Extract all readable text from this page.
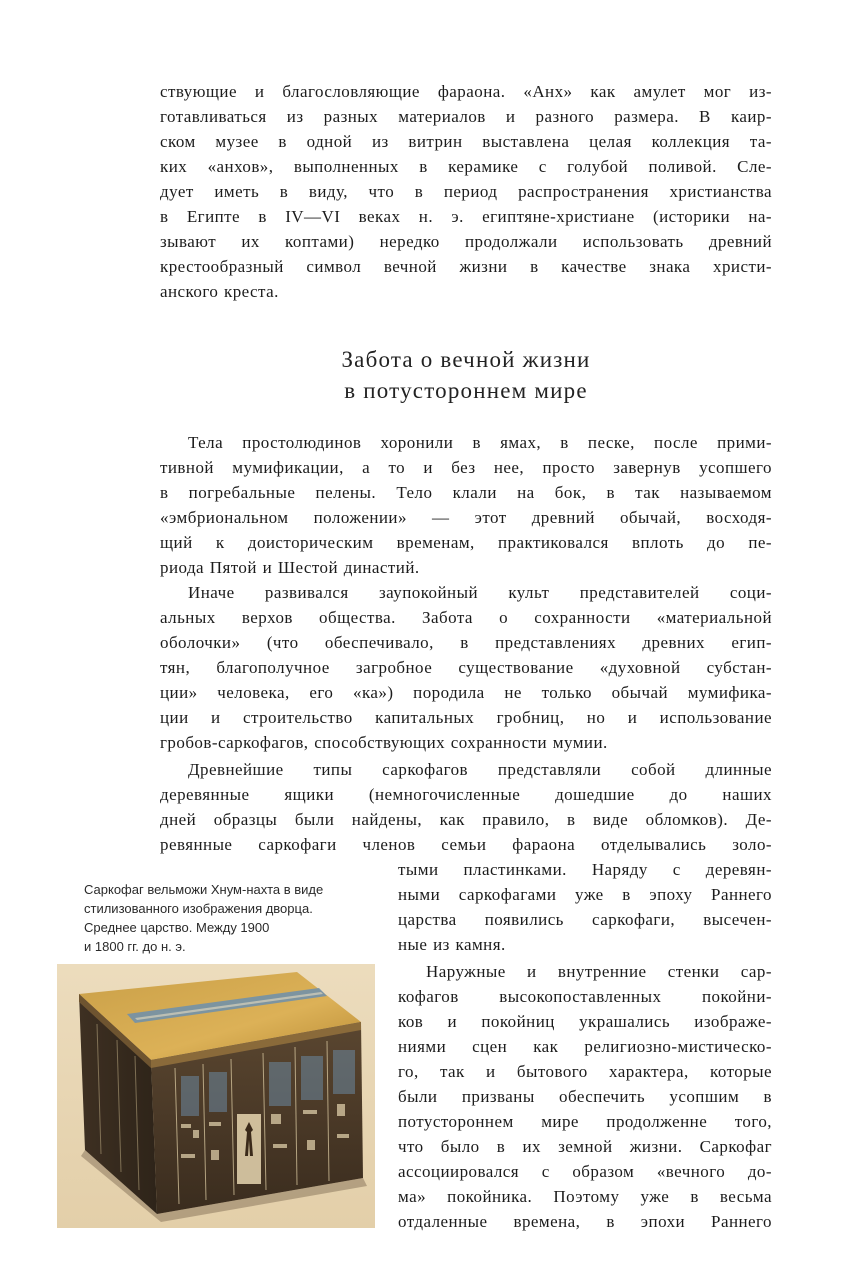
ствующие и благословляющие фараона. «Анх» как амулет мог из-
готавливаться из разных материалов и разного размера. В каир-
ском музее в одной из витрин выставлена целая коллекция та-
ких «анхов», выполненных в керамике с голубой поливой. Сле-
дует иметь в виду, что в период распространения христианства
в Египте в IV—VI веках н. э. египтяне-христиане (историки на-
зывают их коптами) нередко продолжали использовать древний
крестообразный символ вечной жизни в качестве знака христи-
анского креста.
Забота о вечной жизни
в потустороннем мире
Тела простолюдинов хоронили в ямах, в песке, после прими-
тивной мумификации, а то и без нее, просто завернув усопшего
в погребальные пелены. Тело клали на бок, в так называемом
«эмбриональном положении» — этот древний обычай, восходя-
щий к доисторическим временам, практиковался вплоть до пе-
риода Пятой и Шестой династий.
Иначе развивался заупокойный культ представителей соци-
альных верхов общества. Забота о сохранности «материальной
оболочки» (что обеспечивало, в представлениях древних егип-
тян, благополучное загробное существование «духовной субстан-
ции» человека, его «ка») породила не только обычай мумифика-
ции и строительство капитальных гробниц, но и использование
гробов-саркофагов, способствующих сохранности мумии.
Древнейшие типы саркофагов представляли собой длинные
деревянные ящики (немногочисленные дошедшие до наших
дней образцы были найдены, как правило, в виде обломков). Де-
ревянные саркофаги членов семьи фараона отделывались золо-
тыми пластинками. Наряду с деревян-
ными саркофагами уже в эпоху Раннего
царства появились саркофаги, высечен-
ные из камня.
Наружные и внутренние стенки сар-
кофагов высокопоставленных покойни-
ков и покойниц украшались изображе-
ниями сцен как религиозно-мистическо-
го, так и бытового характера, которые
были призваны обеспечить усопшим в
потустороннем мире продолженне того,
что было в их земной жизни. Саркофаг
ассоциировался с образом «вечного до-
ма» покойника. Поэтому уже в весьма
отдаленные времена, в эпохи Раннего
Саркофаг вельможи Хнум-нахта в виде
стилизованного изображения дворца.
Среднее царство. Между 1900
и 1800 гг. до н. э.
